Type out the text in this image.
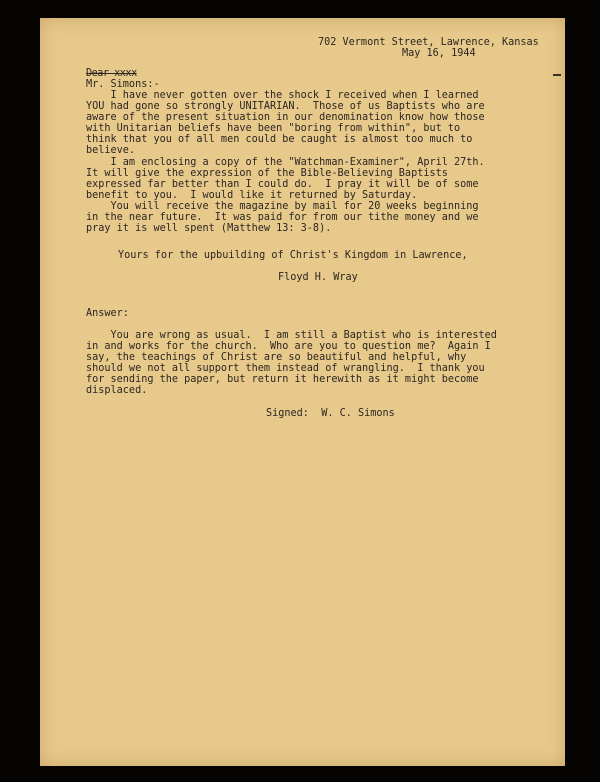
702 Vermont Street, Lawrence, Kansas
May 16, 1944
Dear xxxx
Mr. Simons:-
I have never gotten over the shock I received when I learned
YOU had gone so strongly UNITARIAN.  Those of us Baptists who are
aware of the present situation in our denomination know how those
with Unitarian beliefs have been "boring from within", but to
think that you of all men could be caught is almost too much to
believe.
I am enclosing a copy of the "Watchman-Examiner", April 27th.
It will give the expression of the Bible-Believing Baptists
expressed far better than I could do.  I pray it will be of some
benefit to you.  I would like it returned by Saturday.
You will receive the magazine by mail for 20 weeks beginning
in the near future.  It was paid for from our tithe money and we
pray it is well spent (Matthew 13: 3-8).
Yours for the upbuilding of Christ's Kingdom in Lawrence,
Floyd H. Wray
Answer:
You are wrong as usual.  I am still a Baptist who is interested
in and works for the church.  Who are you to question me?  Again I
say, the teachings of Christ are so beautiful and helpful, why
should we not all support them instead of wrangling.  I thank you
for sending the paper, but return it herewith as it might become
displaced.
Signed:  W. C. Simons
